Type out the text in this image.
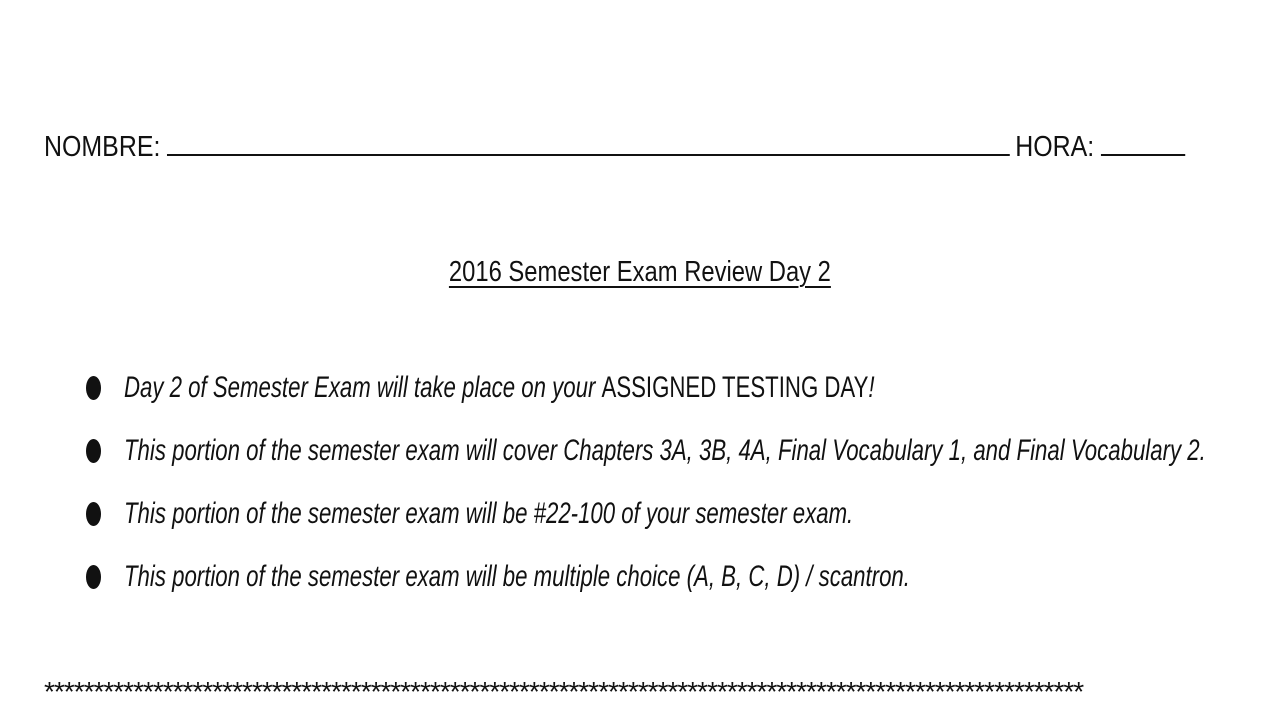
NOMBRE:	HORA:
2016 Semester Exam Review Day 2
Day 2 of Semester Exam will take place on your ASSIGNED TESTING DAY!
This portion of the semester exam will cover Chapters 3A, 3B, 4A, Final Vocabulary 1, and Final Vocabulary 2.
This portion of the semester exam will be #22-100 of your semester exam.
This portion of the semester exam will be multiple choice (A, B, C, D) / scantron.
*********************************************************************************************************
